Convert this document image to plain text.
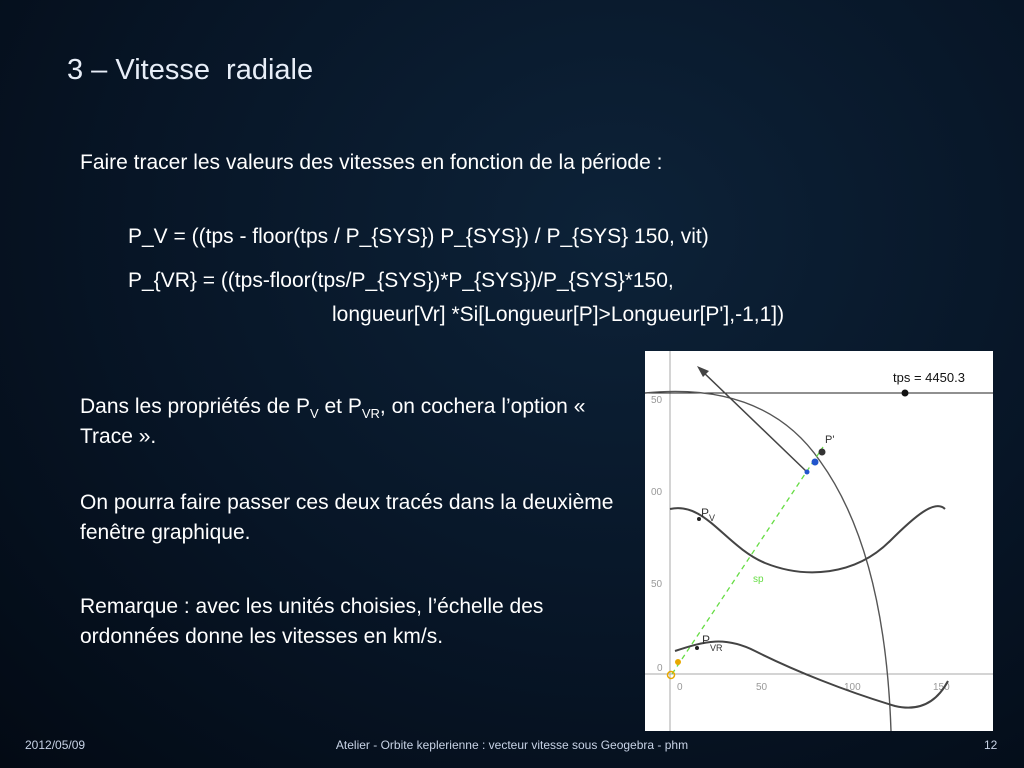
3 – Vitesse  radiale
Faire tracer les valeurs des vitesses en fonction de la période :
P_V = ((tps - floor(tps / P_{SYS}) P_{SYS}) / P_{SYS} 150, vit)
P_{VR} = ((tps-floor(tps/P_{SYS})*P_{SYS})/P_{SYS}*150,
longueur[Vr] *Si[Longueur[P]>Longueur[P'],-1,1])
Dans les propriétés de $P_V$ et $P_{VR}$, on cochera l’option « Trace ».
On pourra faire passer ces deux tracés dans la deuxième fenêtre graphique.
Remarque : avec les unités choisies, l’échelle des ordonnées donne les vitesses en km/s.
tps = 4450.3
50
00
50
0
0	50	100	150
sp
P'
P V
P
VR
2012/05/09	Atelier - Orbite keplerienne : vecteur vitesse sous Geogebra - phm	12
